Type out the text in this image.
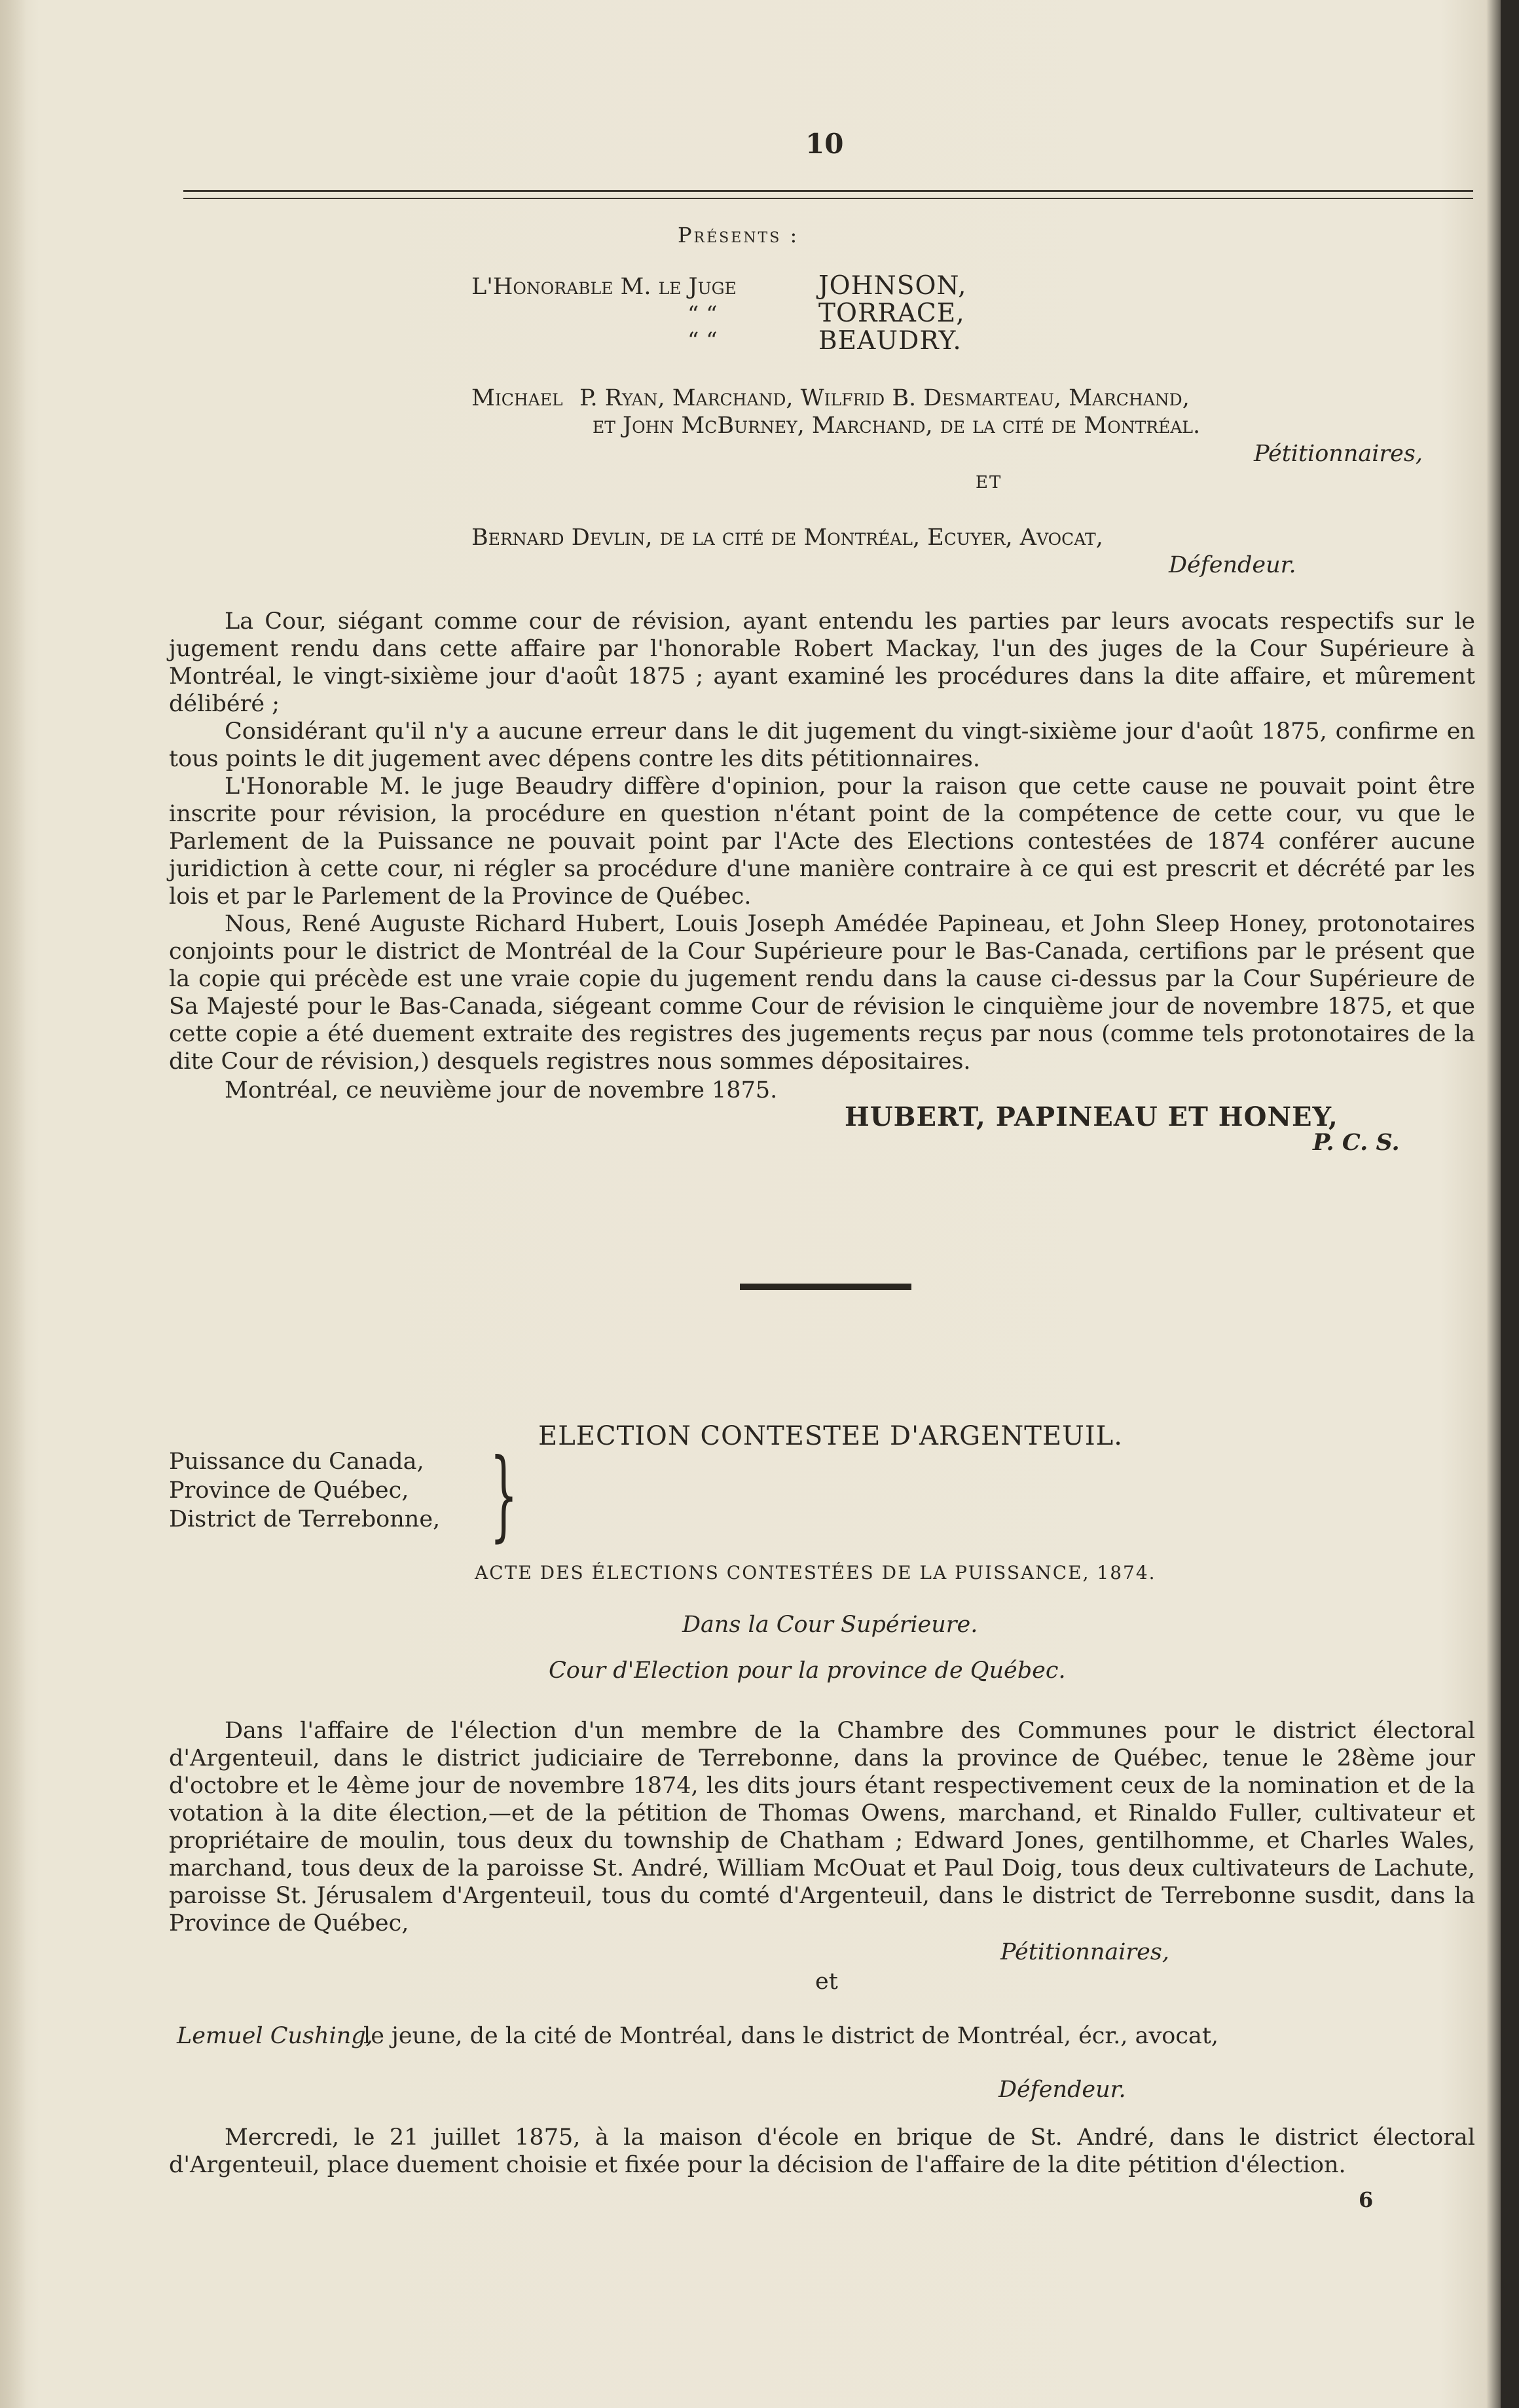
10
Présents :
L'Honorable M. le Juge	JOHNSON,
“ “	TORRACE,
“ “	BEAUDRY.
Michael P. Ryan, Marchand, Wilfrid B. Desmarteau, Marchand,
et John McBurney, Marchand, de la cité de Montréal.
Pétitionnaires,
ET
Bernard Devlin, de la cité de Montréal, Ecuyer, Avocat,
Défendeur.

La Cour, siégant comme cour de révision, ayant entendu les parties par leurs avocats respectifs sur le jugement rendu dans cette affaire par l'honorable Robert Mackay, l'un des juges de la Cour Supérieure à Montréal, le vingt-sixième jour d'août 1875 ; ayant examiné les procédures dans la dite affaire, et mûrement délibéré ;

Considérant qu'il n'y a aucune erreur dans le dit jugement du vingt-sixième jour d'août 1875, confirme en tous points le dit jugement avec dépens contre les dits pétitionnaires.

L'Honorable M. le juge Beaudry diffère d'opinion, pour la raison que cette cause ne pouvait point être inscrite pour révision, la procédure en question n'étant point de la compétence de cette cour, vu que le Parlement de la Puissance ne pouvait point par l'Acte des Elections contestées de 1874 conférer aucune juridiction à cette cour, ni régler sa procédure d'une manière contraire à ce qui est prescrit et décrété par les lois et par le Parlement de la Province de Québec.

Nous, René Auguste Richard Hubert, Louis Joseph Amédée Papineau, et John Sleep Honey, protonotaires conjoints pour le district de Montréal de la Cour Supérieure pour le Bas-Canada, certifions par le présent que la copie qui précède est une vraie copie du jugement rendu dans la cause ci-dessus par la Cour Supérieure de Sa Majesté pour le Bas-Canada, siégeant comme Cour de révision le cinquième jour de novembre 1875, et que cette copie a été duement extraite des registres des jugements reçus par nous (comme tels protonotaires de la dite Cour de révision,) desquels registres nous sommes dépositaires.

Montréal, ce neuvième jour de novembre 1875.
HUBERT, PAPINEAU ET HONEY,
P. C. S.
ELECTION CONTESTEE D'ARGENTEUIL.
Puissance du Canada,
Province de Québec,
District de Terrebonne, }
ACTE DES ÉLECTIONS CONTESTÉES DE LA PUISSANCE, 1874.
Dans la Cour Supérieure.
Cour d'Election pour la province de Québec.
Dans l'affaire de l'élection d'un membre de la Chambre des Communes pour le district électoral d'Argenteuil, dans le district judiciaire de Terrebonne, dans la province de Québec, tenue le 28ème jour d'octobre et le 4ème jour de novembre 1874, les dits jours étant respectivement ceux de la nomination et de la votation à la dite élection,—et de la pétition de Thomas Owens, marchand, et Rinaldo Fuller, cultivateur et propriétaire de moulin, tous deux du township de Chatham ; Edward Jones, gentilhomme, et Charles Wales, marchand, tous deux de la paroisse St. André, William McOuat et Paul Doig, tous deux cultivateurs de Lachute, paroisse St. Jérusalem d'Argenteuil, tous du comté d'Argenteuil, dans le district de Terrebonne susdit, dans la Province de Québec,
Pétitionnaires,
et
Lemuel Cushing,
le jeune, de la cité de Montréal, dans le district de Montréal, écr., avocat,
Défendeur.
Mercredi, le 21 juillet 1875, à la maison d'école en brique de St. André, dans le district électoral d'Argenteuil, place duement choisie et fixée pour la décision de l'affaire de la dite pétition d'élection.
6
